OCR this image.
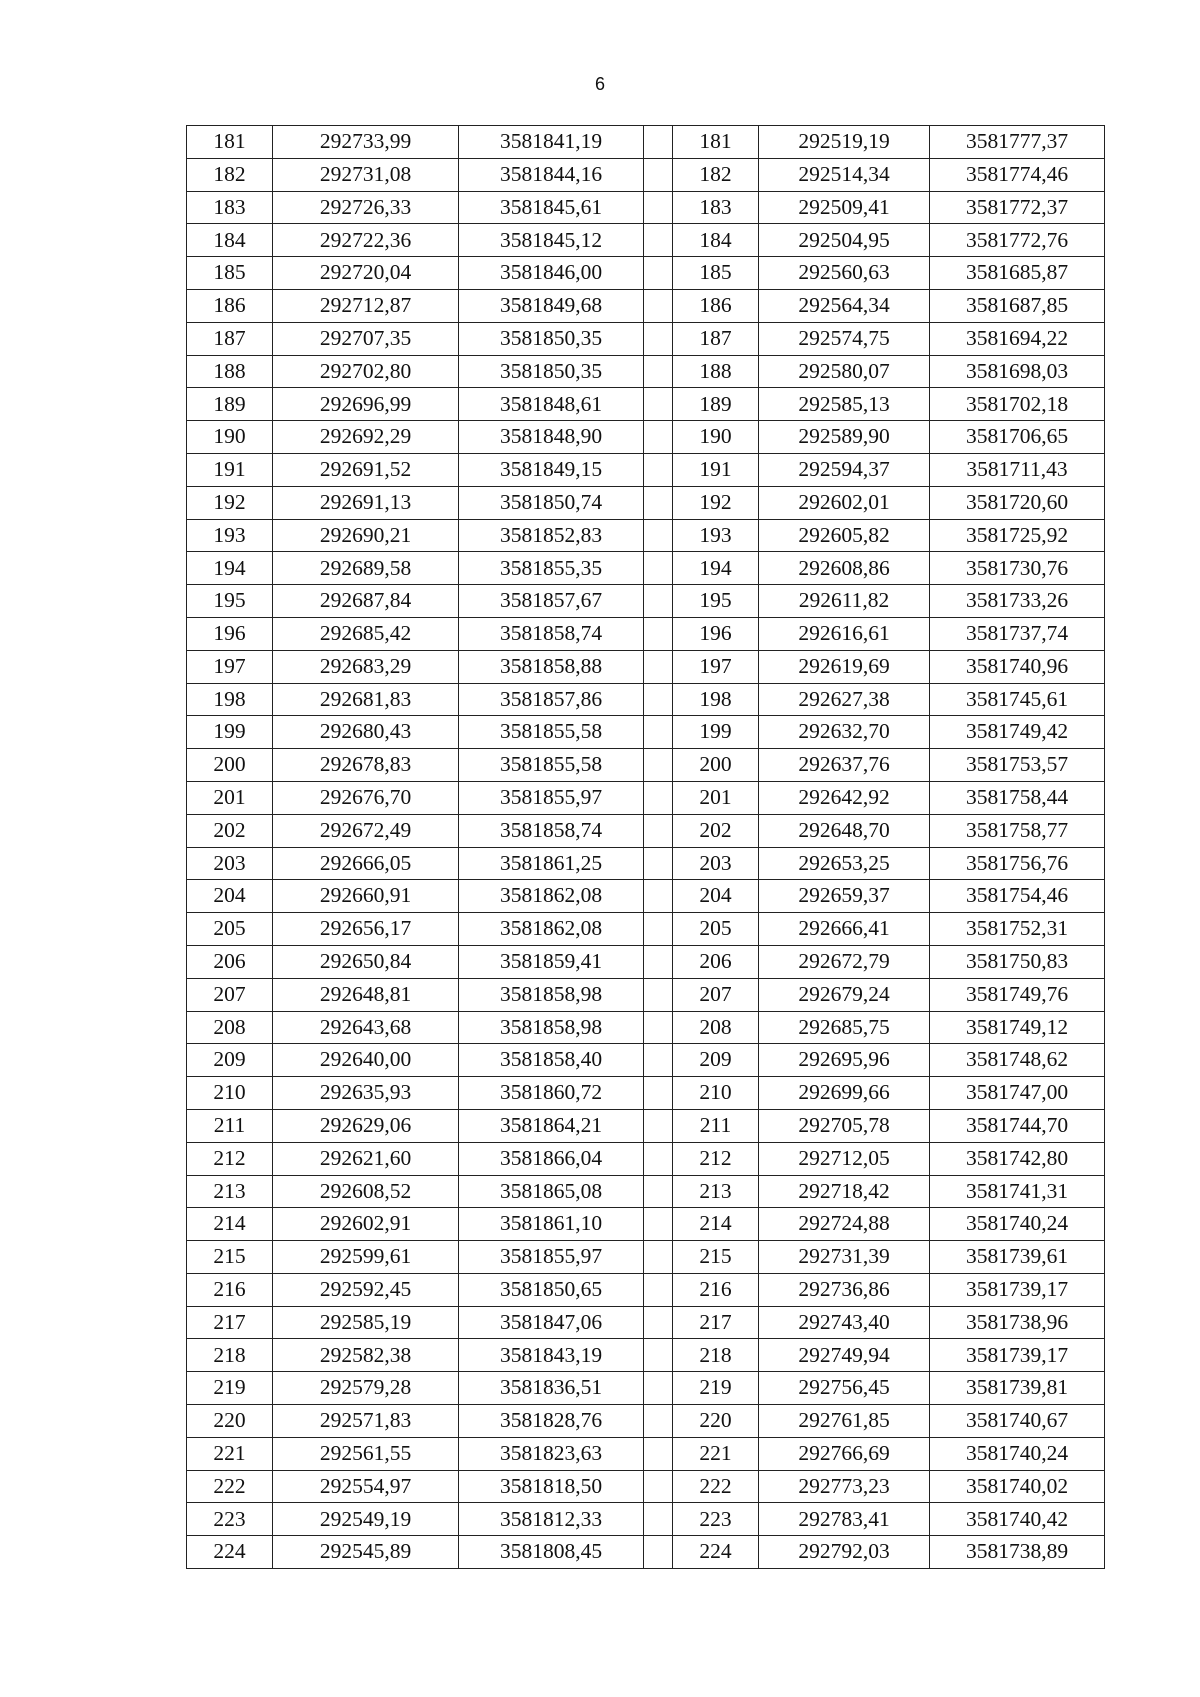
6
181	292733,99	3581841,19		181	292519,19	3581777,37
182	292731,08	3581844,16		182	292514,34	3581774,46
183	292726,33	3581845,61		183	292509,41	3581772,37
184	292722,36	3581845,12		184	292504,95	3581772,76
185	292720,04	3581846,00		185	292560,63	3581685,87
186	292712,87	3581849,68		186	292564,34	3581687,85
187	292707,35	3581850,35		187	292574,75	3581694,22
188	292702,80	3581850,35		188	292580,07	3581698,03
189	292696,99	3581848,61		189	292585,13	3581702,18
190	292692,29	3581848,90		190	292589,90	3581706,65
191	292691,52	3581849,15		191	292594,37	3581711,43
192	292691,13	3581850,74		192	292602,01	3581720,60
193	292690,21	3581852,83		193	292605,82	3581725,92
194	292689,58	3581855,35		194	292608,86	3581730,76
195	292687,84	3581857,67		195	292611,82	3581733,26
196	292685,42	3581858,74		196	292616,61	3581737,74
197	292683,29	3581858,88		197	292619,69	3581740,96
198	292681,83	3581857,86		198	292627,38	3581745,61
199	292680,43	3581855,58		199	292632,70	3581749,42
200	292678,83	3581855,58		200	292637,76	3581753,57
201	292676,70	3581855,97		201	292642,92	3581758,44
202	292672,49	3581858,74		202	292648,70	3581758,77
203	292666,05	3581861,25		203	292653,25	3581756,76
204	292660,91	3581862,08		204	292659,37	3581754,46
205	292656,17	3581862,08		205	292666,41	3581752,31
206	292650,84	3581859,41		206	292672,79	3581750,83
207	292648,81	3581858,98		207	292679,24	3581749,76
208	292643,68	3581858,98		208	292685,75	3581749,12
209	292640,00	3581858,40		209	292695,96	3581748,62
210	292635,93	3581860,72		210	292699,66	3581747,00
211	292629,06	3581864,21		211	292705,78	3581744,70
212	292621,60	3581866,04		212	292712,05	3581742,80
213	292608,52	3581865,08		213	292718,42	3581741,31
214	292602,91	3581861,10		214	292724,88	3581740,24
215	292599,61	3581855,97		215	292731,39	3581739,61
216	292592,45	3581850,65		216	292736,86	3581739,17
217	292585,19	3581847,06		217	292743,40	3581738,96
218	292582,38	3581843,19		218	292749,94	3581739,17
219	292579,28	3581836,51		219	292756,45	3581739,81
220	292571,83	3581828,76		220	292761,85	3581740,67
221	292561,55	3581823,63		221	292766,69	3581740,24
222	292554,97	3581818,50		222	292773,23	3581740,02
223	292549,19	3581812,33		223	292783,41	3581740,42
224	292545,89	3581808,45		224	292792,03	3581738,89
